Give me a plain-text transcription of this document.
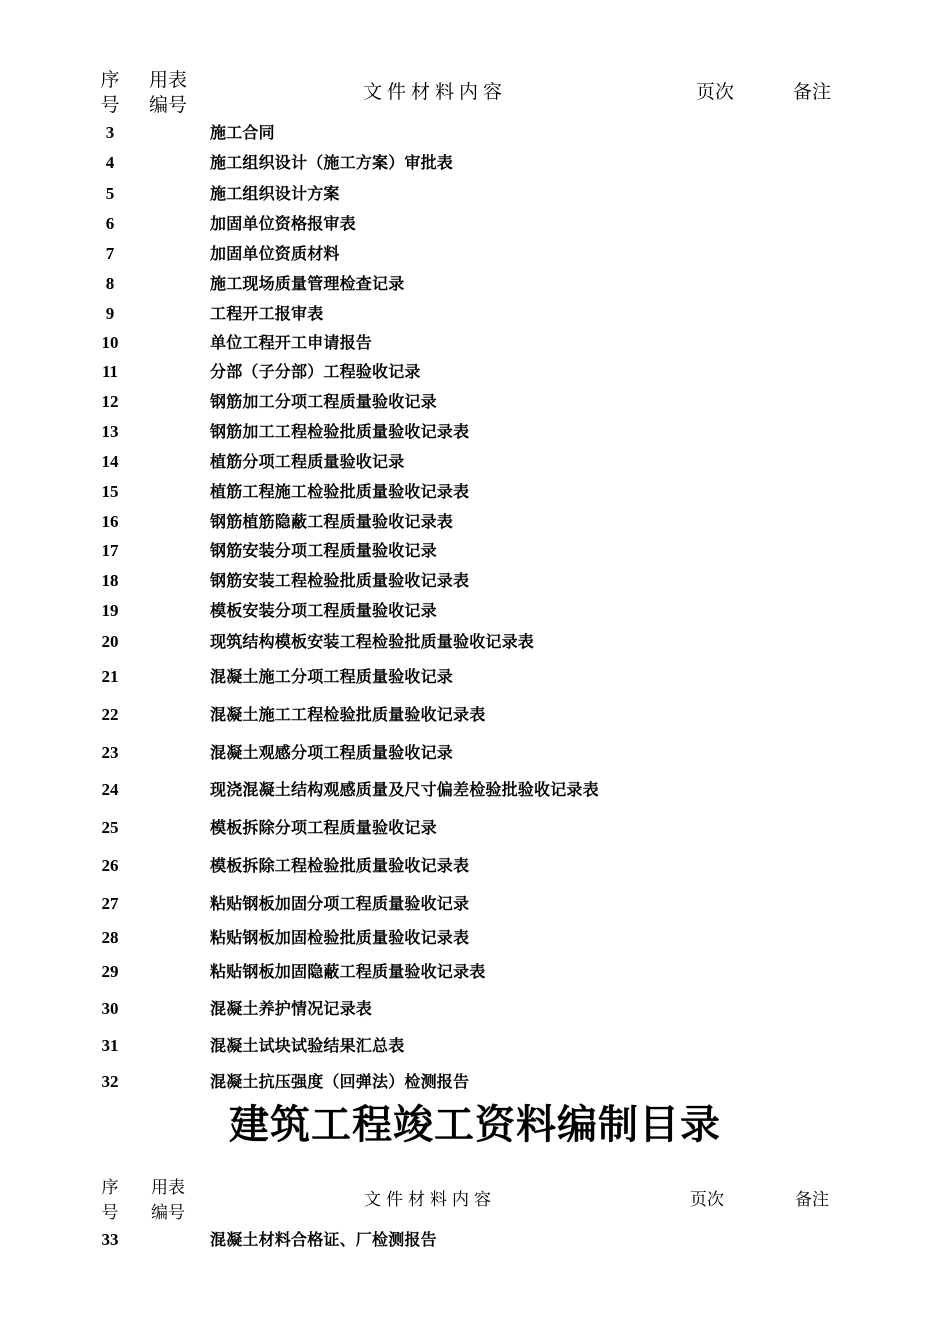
序
号
用表
编号
文件材料内容	页次	备注
3	施工合同
4	施工组织设计（施工方案）审批表
5	施工组织设计方案
6	加固单位资格报审表
7	加固单位资质材料
8	施工现场质量管理检查记录
9	工程开工报审表
10	单位工程开工申请报告
11	分部（子分部）工程验收记录
12	钢筋加工分项工程质量验收记录
13	钢筋加工工程检验批质量验收记录表
14	植筋分项工程质量验收记录
15	植筋工程施工检验批质量验收记录表
16	钢筋植筋隐蔽工程质量验收记录表
17	钢筋安装分项工程质量验收记录
18	钢筋安装工程检验批质量验收记录表
19	模板安装分项工程质量验收记录
20	现筑结构模板安装工程检验批质量验收记录表
21	混凝土施工分项工程质量验收记录
22	混凝土施工工程检验批质量验收记录表
23	混凝土观感分项工程质量验收记录
24	现浇混凝土结构观感质量及尺寸偏差检验批验收记录表
25	模板拆除分项工程质量验收记录
26	模板拆除工程检验批质量验收记录表
27	粘贴钢板加固分项工程质量验收记录
28	粘贴钢板加固检验批质量验收记录表
29	粘贴钢板加固隐蔽工程质量验收记录表
30	混凝土养护情况记录表
31	混凝土试块试验结果汇总表
32	混凝土抗压强度（回弹法）检测报告
建筑工程竣工资料编制目录
序
号
用表
编号
文件材料内容	页次	备注
33	混凝土材料合格证、厂检测报告
